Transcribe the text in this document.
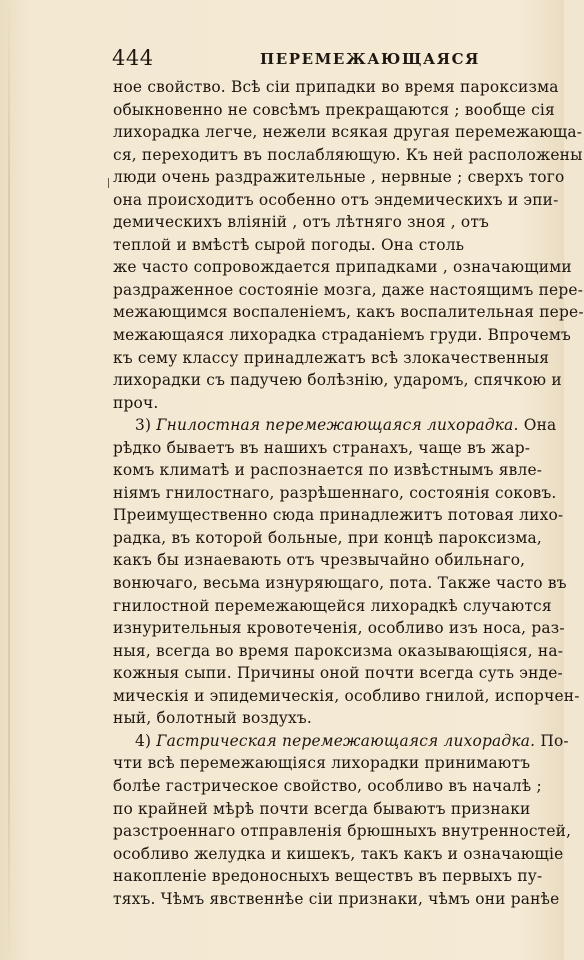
444	ПЕРЕМЕЖАЮЩАЯСЯ
ное свойство. Всѣ сіи припадки во время пароксизма
обыкновенно не совсѣмъ прекращаются ; вообще сія
лихорадка легче, нежели всякая другая перемежающа-
ся, переходитъ въ послабляющую. Къ ней расположены
люди очень раздражительные , нервные ; сверхъ того
она происходитъ особенно отъ эндемическихъ и эпи-
демическихъ вліяній , отъ лѣтняго зноя , отъ
теплой и вмѣстѣ сырой погоды. Она столь
же часто сопровождается припадками , означающими
раздраженное состояніе мозга, даже настоящимъ пере-
межающимся воспаленіемъ, какъ воспалительная пере-
межающаяся лихорадка страданіемъ груди. Впрочемъ
къ сему классу принадлежатъ всѣ злокачественныя
лихорадки съ падучею болѣзнію, ударомъ, спячкою и
проч.
3) Гнилостная перемежающаяся лихорадка. Она
рѣдко бываетъ въ нашихъ странахъ, чаще въ жар-
комъ климатѣ и распознается по извѣстнымъ явле-
ніямъ гнилостнаго, разрѣшеннаго, состоянія соковъ.
Преимущественно сюда принадлежитъ потовая лихо-
радка, въ которой больные, при концѣ пароксизма,
какъ бы изнаевають отъ чрезвычайно обильнаго,
вонючаго, весьма изнуряющаго, пота. Также часто въ
гнилостной перемежающейся лихорадкѣ случаются
изнурительныя кровотеченія, особливо изъ носа, раз-
ныя, всегда во время пароксизма оказывающіяся, на-
кожныя сыпи. Причины оной почти всегда суть энде-
мическія и эпидемическія, особливо гнилой, испорчен-
ный, болотный воздухъ.
4) Гастрическая перемежающаяся лихорадка. По-
чти всѣ перемежающіяся лихорадки принимаютъ
болѣе гастрическое свойство, особливо въ началѣ ;
по крайней мѣрѣ почти всегда бываютъ признаки
разстроеннаго отправленія брюшныхъ внутренностей,
особливо желудка и кишекъ, такъ какъ и означающіе
накопленіе вредоносныхъ веществъ въ первыхъ пу-
тяхъ. Чѣмъ явственнѣе сіи признаки, чѣмъ они ранѣе
